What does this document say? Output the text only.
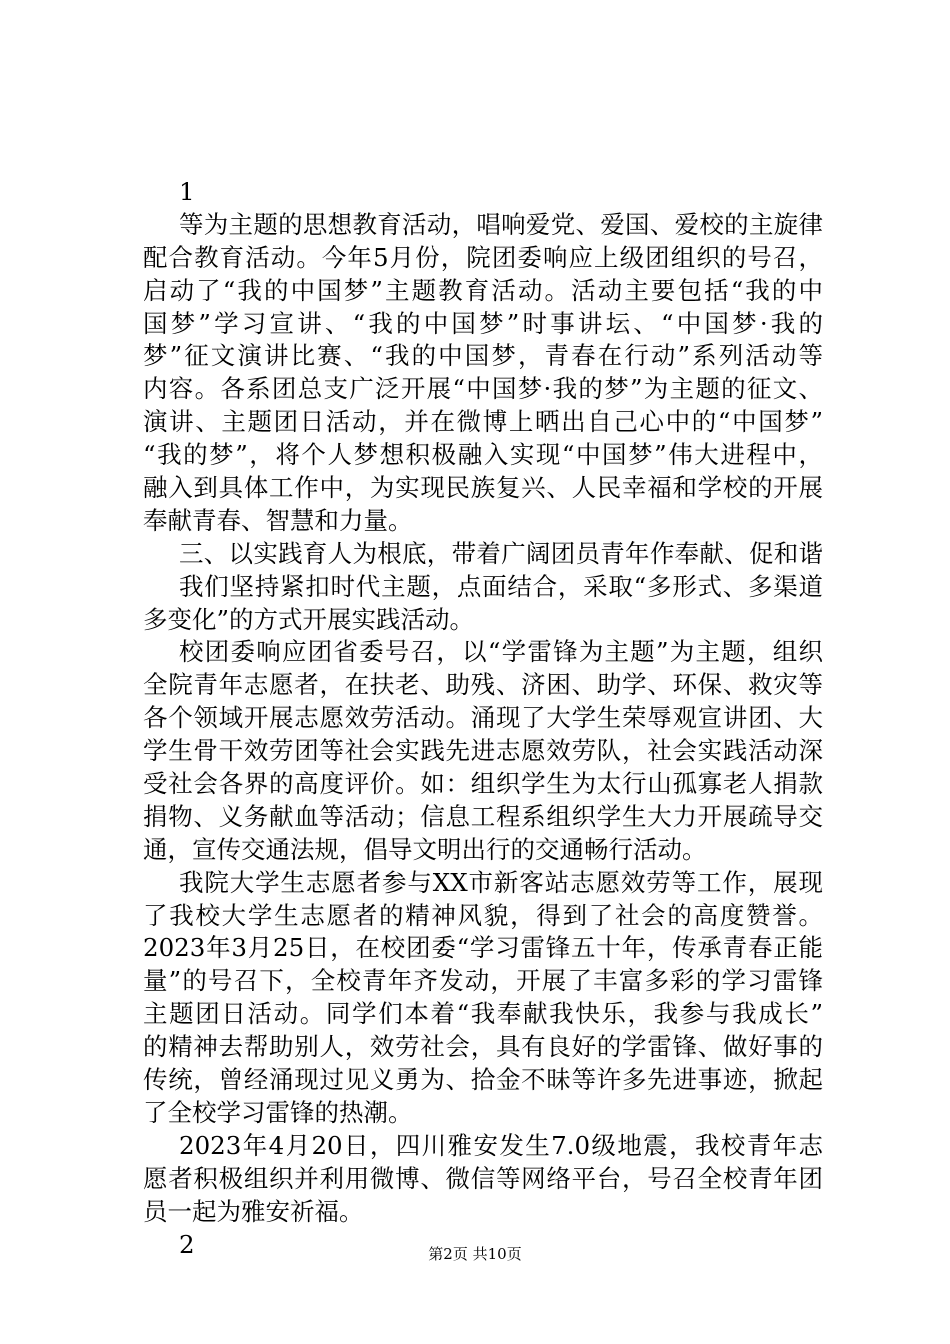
1
等为主题的思想教育活动，唱响爱党、爱国、爱校的主旋律
配合教育活动。今年5月份，院团委响应上级团组织的号召，
启动了“我的中国梦”主题教育活动。活动主要包括“我的中
国梦”学习宣讲、“我的中国梦”时事讲坛、“中国梦·我的
梦”征文演讲比赛、“我的中国梦，青春在行动”系列活动等
内容。各系团总支广泛开展“中国梦·我的梦”为主题的征文、
演讲、主题团日活动，并在微博上晒出自己心中的“中国梦”
“我的梦”，将个人梦想积极融入实现“中国梦”伟大进程中，
融入到具体工作中，为实现民族复兴、人民幸福和学校的开展
奉献青春、智慧和力量。
三、以实践育人为根底，带着广阔团员青年作奉献、促和谐
我们坚持紧扣时代主题，点面结合，采取“多形式、多渠道
多变化”的方式开展实践活动。
校团委响应团省委号召，以“学雷锋为主题”为主题，组织
全院青年志愿者，在扶老、助残、济困、助学、环保、救灾等
各个领域开展志愿效劳活动。涌现了大学生荣辱观宣讲团、大
学生骨干效劳团等社会实践先进志愿效劳队，社会实践活动深
受社会各界的高度评价。如：组织学生为太行山孤寡老人捐款
捐物、义务献血等活动；信息工程系组织学生大力开展疏导交
通，宣传交通法规，倡导文明出行的交通畅行活动。
我院大学生志愿者参与XX市新客站志愿效劳等工作，展现
了我校大学生志愿者的精神风貌，得到了社会的高度赞誉。
2023年3月25日，在校团委“学习雷锋五十年，传承青春正能
量”的号召下，全校青年齐发动，开展了丰富多彩的学习雷锋
主题团日活动。同学们本着“我奉献我快乐，我参与我成长”
的精神去帮助别人，效劳社会，具有良好的学雷锋、做好事的
传统，曾经涌现过见义勇为、拾金不昧等许多先进事迹，掀起
了全校学习雷锋的热潮。
2023年4月20日，四川雅安发生7.0级地震，我校青年志
愿者积极组织并利用微博、微信等网络平台，号召全校青年团
员一起为雅安祈福。
2	第2页 共10页
